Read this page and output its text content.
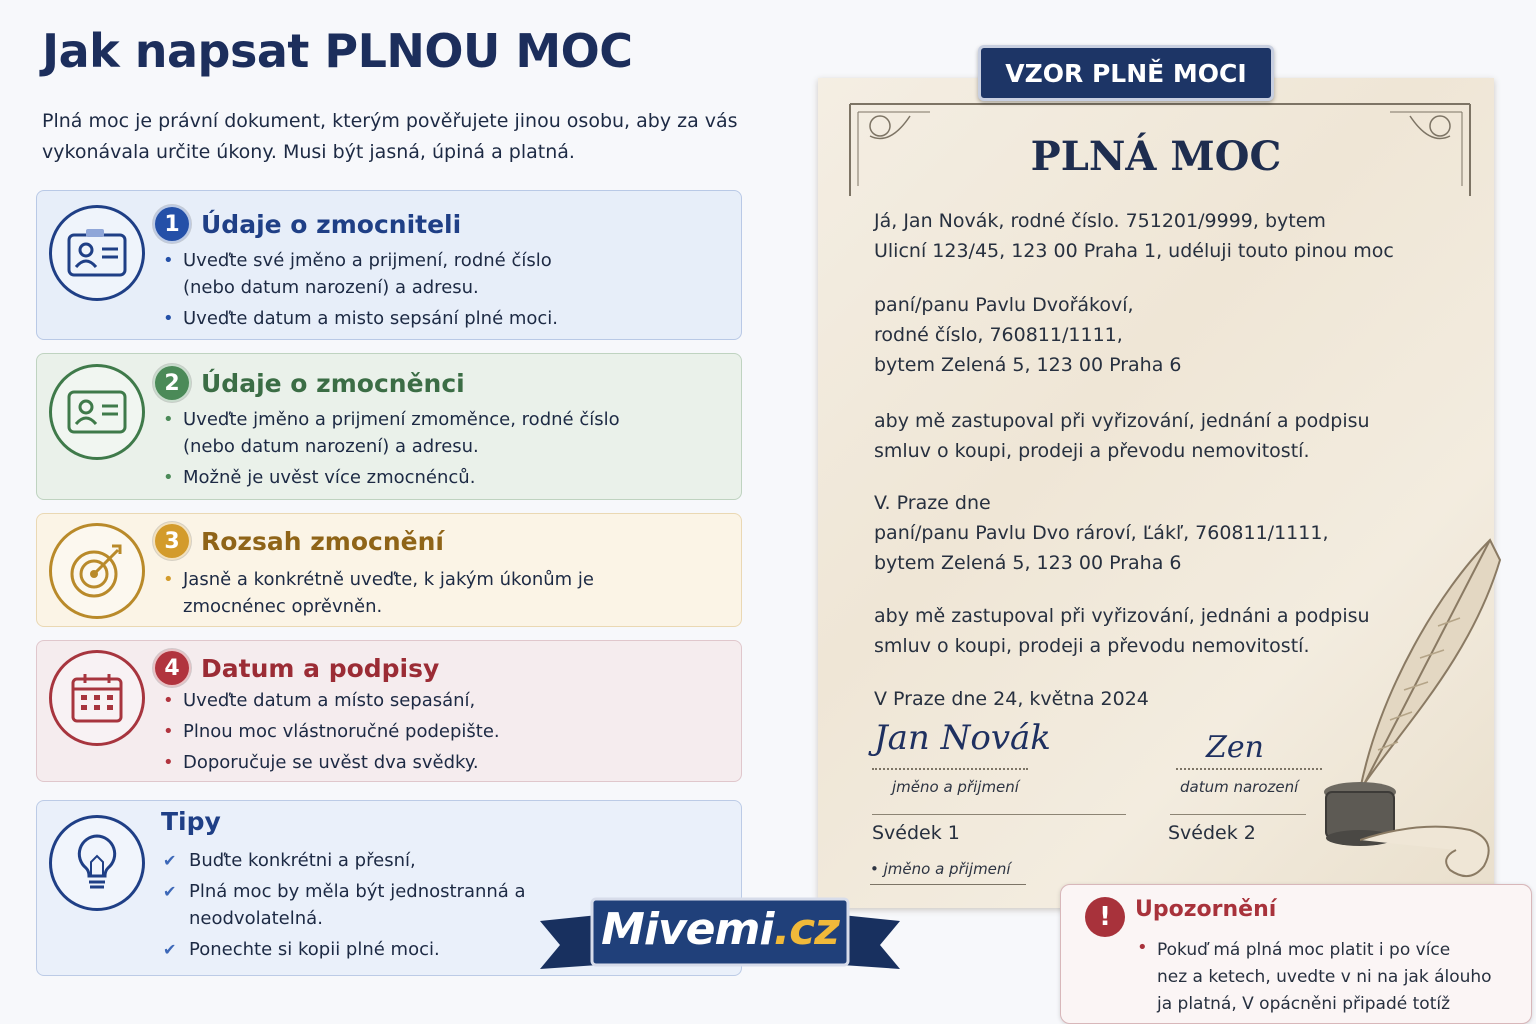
Jak napsat PLNOU MOC

Plná moc je právní dokument, kterým pověřujete jinou osobu, aby za vás vykonávala určite úkony. Musi být jasná, úpiná a platná.

1 Údaje o zmocniteli
• Uveďte své jměno a prijmení, rodné číslo (nebo datum narození) a adresu.
• Uveďte datum a misto sepsání plné moci.
2 Údaje o zmocněnci
• Uveďte jměno a prijmení zmoměnce, rodné číslo (nebo datum narození) a adresu.
• Možně je uvěst více zmocnénců.
3 Rozsah zmocnění
• Jasně a konkrétně uveďte, k jakým úkonům je zmocnénec oprěvněn.
4 Datum a podpisy
• Uveďte datum a místo sepasání,
• Plnou moc vlástnoručné podepište.
• Doporučuje se uvěst dva svědky.
Tipy
✔ Buďte konkrétni a přesní,
✔ Plná moc by měla být jednostranná a neodvolatelná.
✔ Ponechte si kopii plné moci.
VZOR PLNĚ MOCI
PLNÁ MOC

Já, Jan Novák, rodné číslo. 751201/9999, bytem
Ulicní 123/45, 123 00 Praha 1, udéluji touto pinou moc

paní/panu Pavlu Dvořákoví,
rodné číslo, 760811/1111,
bytem Zelená 5, 123 00 Praha 6

aby mě zastupoval při vyřizování, jednání a podpisu
smluv o koupi, prodeji a převodu nemovitostí.

V. Praze dne
paní/panu Pavlu Dvo rároví, Ľákľ, 760811/1111,
bytem Zelená 5, 123 00 Praha 6

aby mě zastupoval při vyřizování, jednáni a podpisu
smluv o koupi, prodeji a převodu nemovitostí.

V Praze dne 24, května 2024

Jan Novák	Zen
jměno a přijmení	datum narození
Svédek 1	Svédek 2
• jměno a přijmení
!	Upozornění
• Pokuď má plná moc platit i po více
nez a ketech, uvedte v ni na jak álouho
ja platná, V opácněni připadé totíž

Mivemi .cz
